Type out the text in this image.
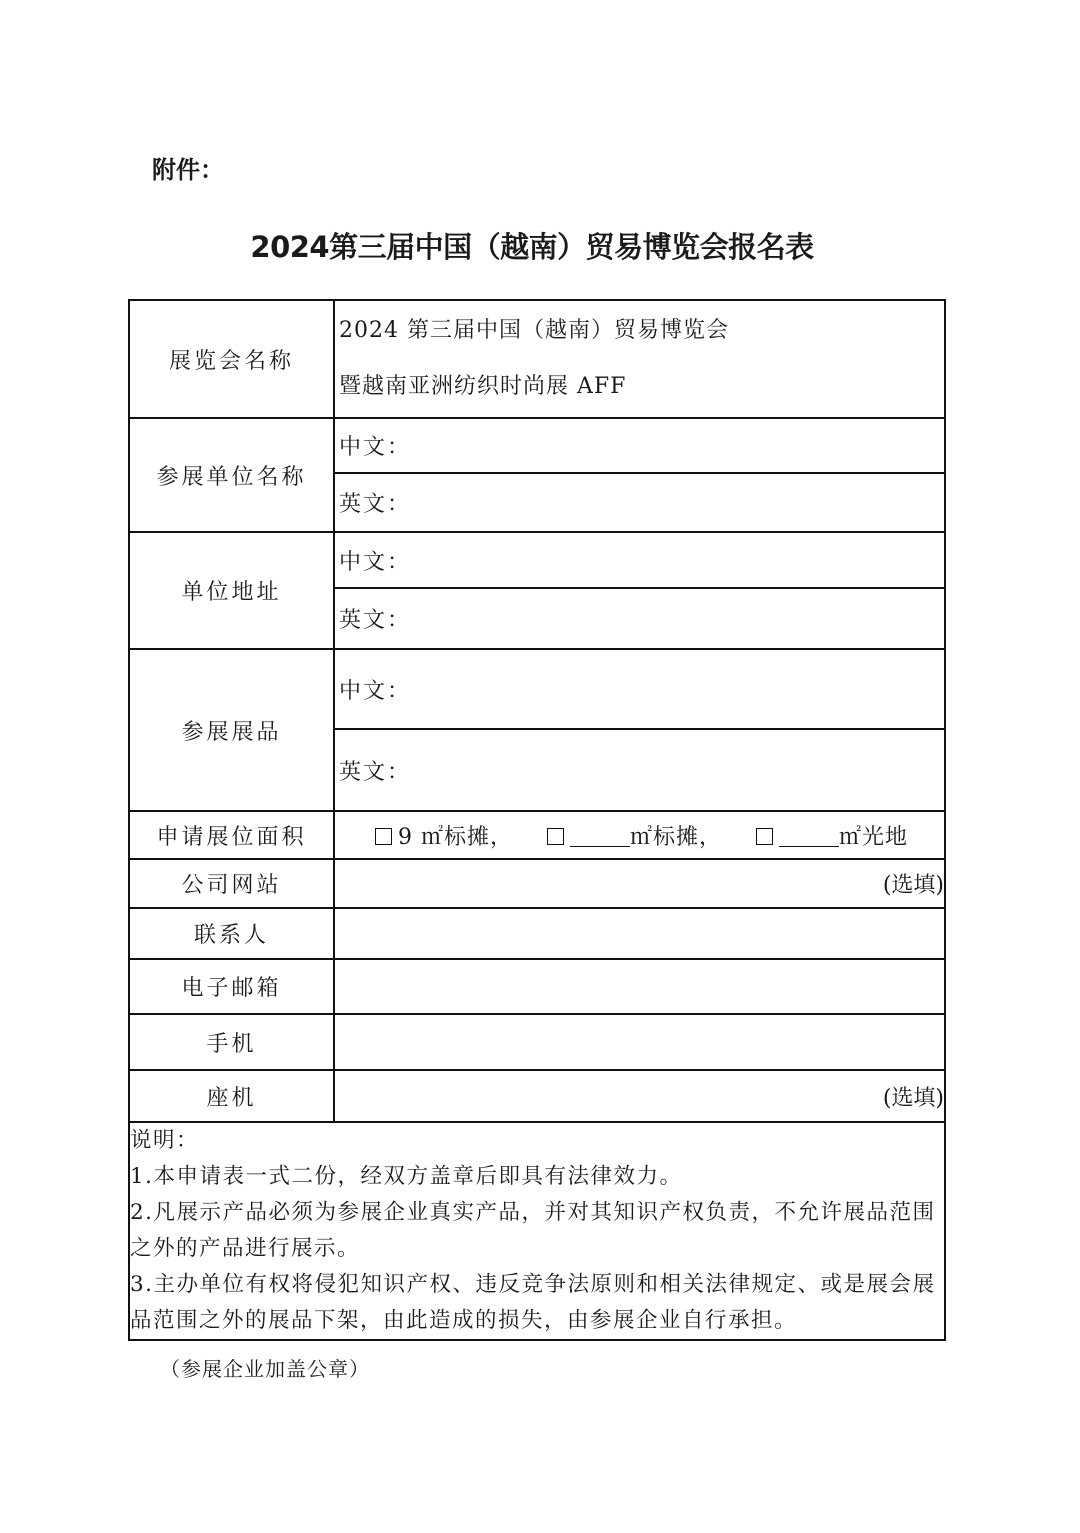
附件：
2024第三届中国（越南）贸易博览会报名表
展览会名称	2024 第三届中国（越南）贸易博览会
暨越南亚洲纺织时尚展 AFF

参展单位名称	中文：
	英文：
单位地址	中文：
	英文：
参展展品	中文：
	英文：
申请展位面积	9 ㎡标摊， ㎡标摊， ㎡光地
公司网站	(选填)

联系人	
电子邮箱	
手机	
座机	(选填)

说明：
1.本申请表一式二份，经双方盖章后即具有法律效力。
2.凡展示产品必须为参展企业真实产品，并对其知识产权负责，不允许展品范围之外的产品进行展示。
3.主办单位有权将侵犯知识产权、违反竞争法原则和相关法律规定、或是展会展品范围之外的展品下架，由此造成的损失，由参展企业自行承担。	
（参展企业加盖公章）
